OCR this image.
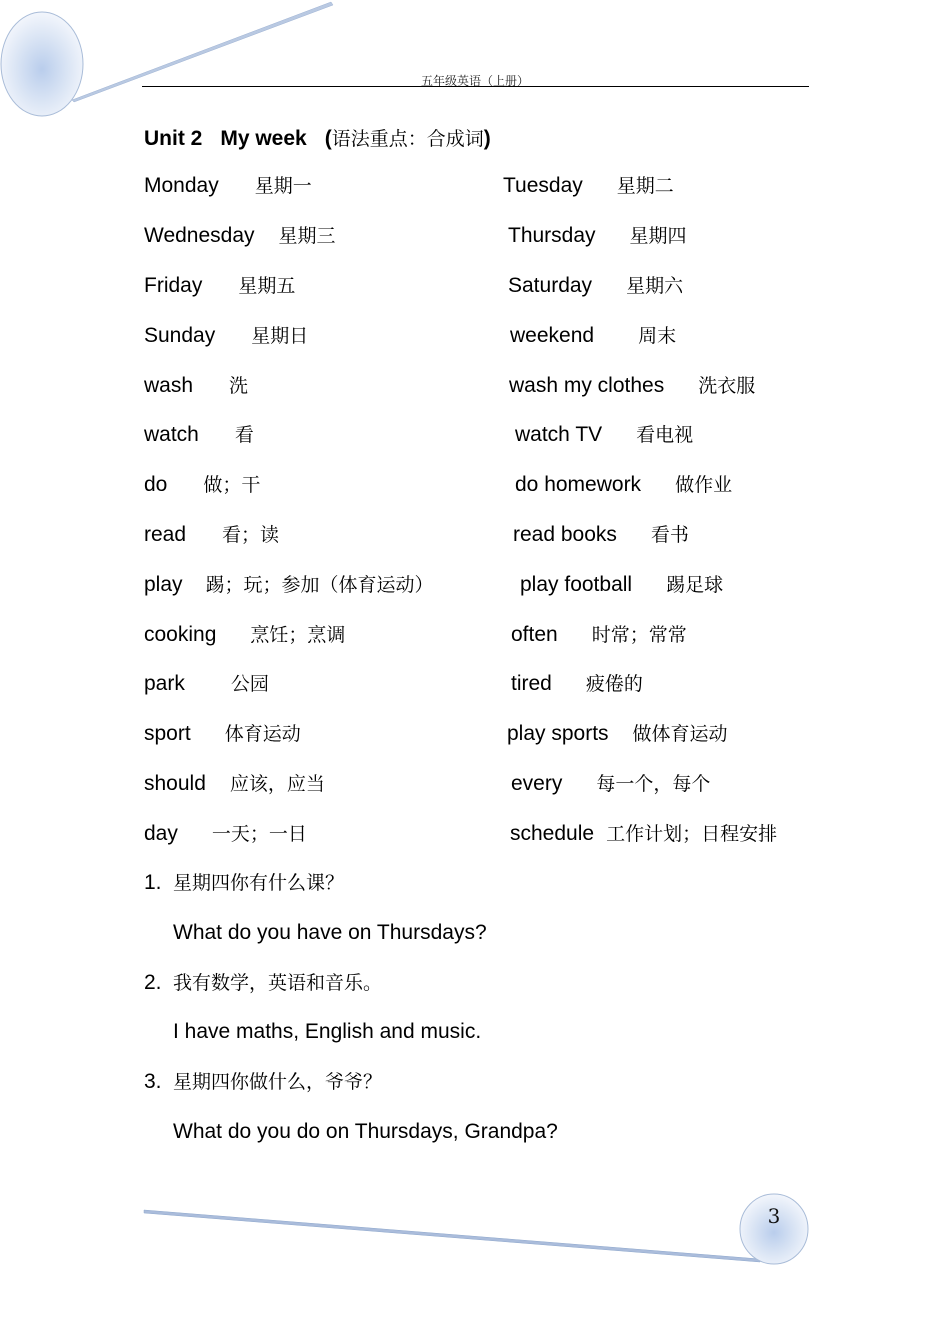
五年级英语（上册）
Unit 2 My week (语法重点：合成词)
Monday 星期一
Wednesday 星期三
Friday 星期五
Sunday 星期日
wash 洗
watch 看
do 做；干
read 看；读
play 踢；玩；参加（体育运动）
cooking 烹饪；烹调
park 公园
sport 体育运动
should 应该，应当
day 一天；一日
Tuesday 星期二
Thursday 星期四
Saturday 星期六
weekend 周末
wash my clothes 洗衣服
watch TV 看电视
do homework 做作业
read books 看书
play football 踢足球
often 时常；常常
tired 疲倦的
play sports 做体育运动
every 每一个，每个
schedule 工作计划；日程安排
1. 星期四你有什么课？
What do you have on Thursdays?
2. 我有数学，英语和音乐。
I have maths, English and music.
3. 星期四你做什么，爷爷？
What do you do on Thursdays, Grandpa?
3
